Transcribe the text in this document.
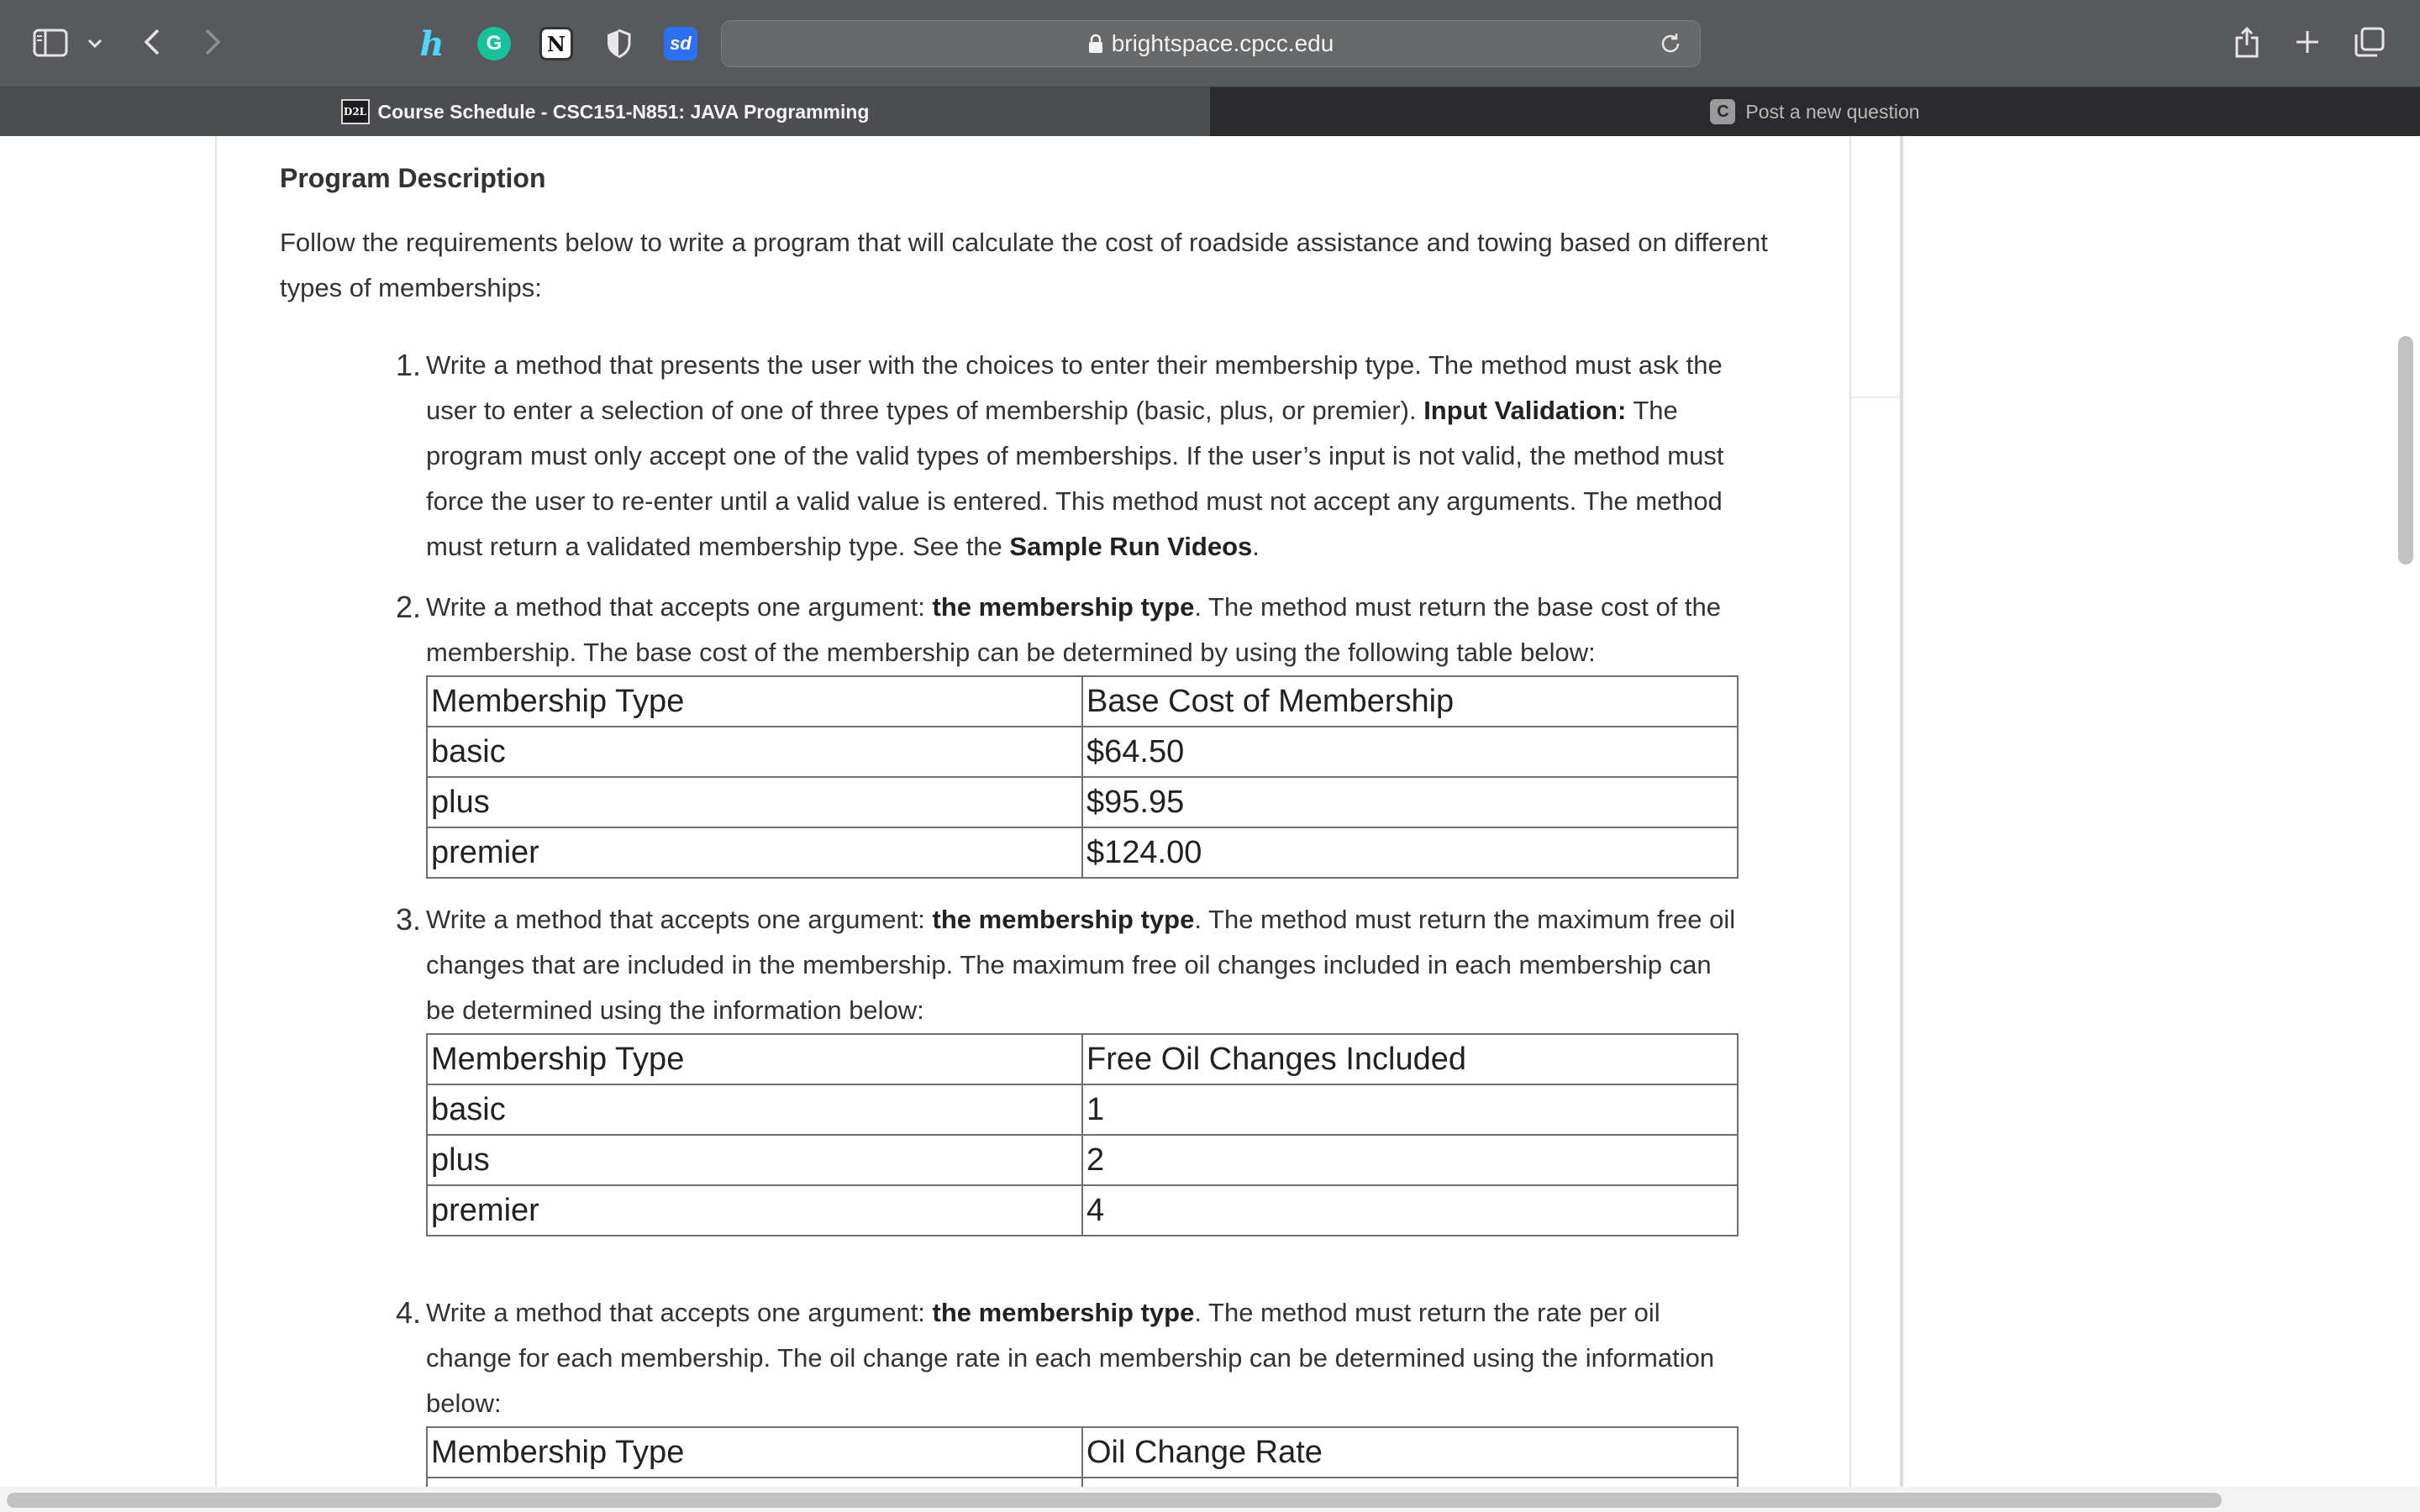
h G N	sd	brightspace.cpcc.edu
D2L Course Schedule - CSC151-N851: JAVA Programming	C Post a new question
Program Description

Follow the requirements below to write a program that will calculate the cost of roadside assistance and towing based on different types of memberships:

1. Write a method that presents the user with the choices to enter their membership type. The method must ask the user to enter a selection of one of three types of membership (basic, plus, or premier). Input Validation: The program must only accept one of the valid types of memberships. If the user’s input is not valid, the method must force the user to re-enter until a valid value is entered. This method must not accept any arguments. The method must return a validated membership type. See the Sample Run Videos.
2. Write a method that accepts one argument: the membership type. The method must return the base cost of the membership. The base cost of the membership can be determined by using the following table below:
Membership Type	Base Cost of Membership
basic	$64.50
plus	$95.95
premier	$124.00
3. Write a method that accepts one argument: the membership type. The method must return the maximum free oil changes that are included in the membership. The maximum free oil changes included in each membership can be determined using the information below:
Membership Type	Free Oil Changes Included
basic	1
plus	2
premier	4
4. Write a method that accepts one argument: the membership type. The method must return the rate per oil change for each membership. The oil change rate in each membership can be determined using the information below:
Membership Type	Oil Change Rate
